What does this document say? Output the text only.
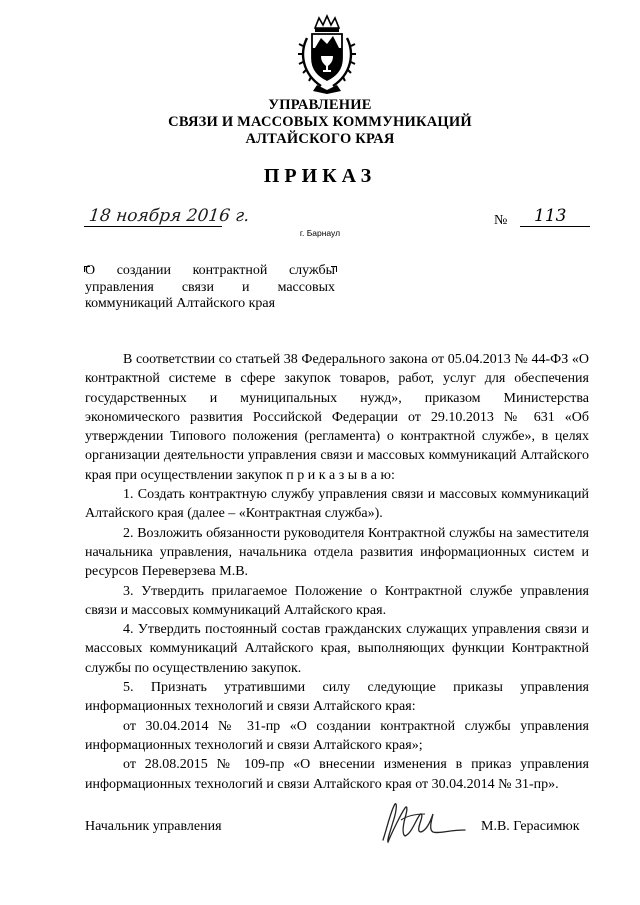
УПРАВЛЕНИЕ
СВЯЗИ И МАССОВЫХ КОММУНИКАЦИЙ
АЛТАЙСКОГО КРАЯ
ПРИКАЗ
18 ноября 2016 г.	№	113
г. Барнаул
О создании контрактной службы управления связи и массовых коммуникаций Алтайского края

В соответствии со статьей 38 Федерального закона от 05.04.2013 № 44-ФЗ «О контрактной системе в сфере закупок товаров, работ, услуг для обеспечения государственных и муниципальных нужд», приказом Министерства экономического развития Российской Федерации от 29.10.2013 № 631 «Об утверждении Типового положения (регламента) о контрактной службе», в целях организации деятельности управления связи и массовых коммуникаций Алтайского края при осуществлении закупок п р и к а з ы в а ю:

1. Создать контрактную службу управления связи и массовых коммуникаций Алтайского края (далее – «Контрактная служба»).

2. Возложить обязанности руководителя Контрактной службы на заместителя начальника управления, начальника отдела развития информационных систем и ресурсов Переверзева М.В.

3. Утвердить прилагаемое Положение о Контрактной службе управления связи и массовых коммуникаций Алтайского края.

4. Утвердить постоянный состав гражданских служащих управления связи и массовых коммуникаций Алтайского края, выполняющих функции Контрактной службы по осуществлению закупок.

5. Признать утратившими силу следующие приказы управления информационных технологий и связи Алтайского края:

от 30.04.2014 № 31-пр «О создании контрактной службы управления информационных технологий и связи Алтайского края»;

от 28.08.2015 № 109-пр «О внесении изменения в приказ управления информационных технологий и связи Алтайского края от 30.04.2014 № 31-пр».

Начальник управления	М.В. Герасимюк
